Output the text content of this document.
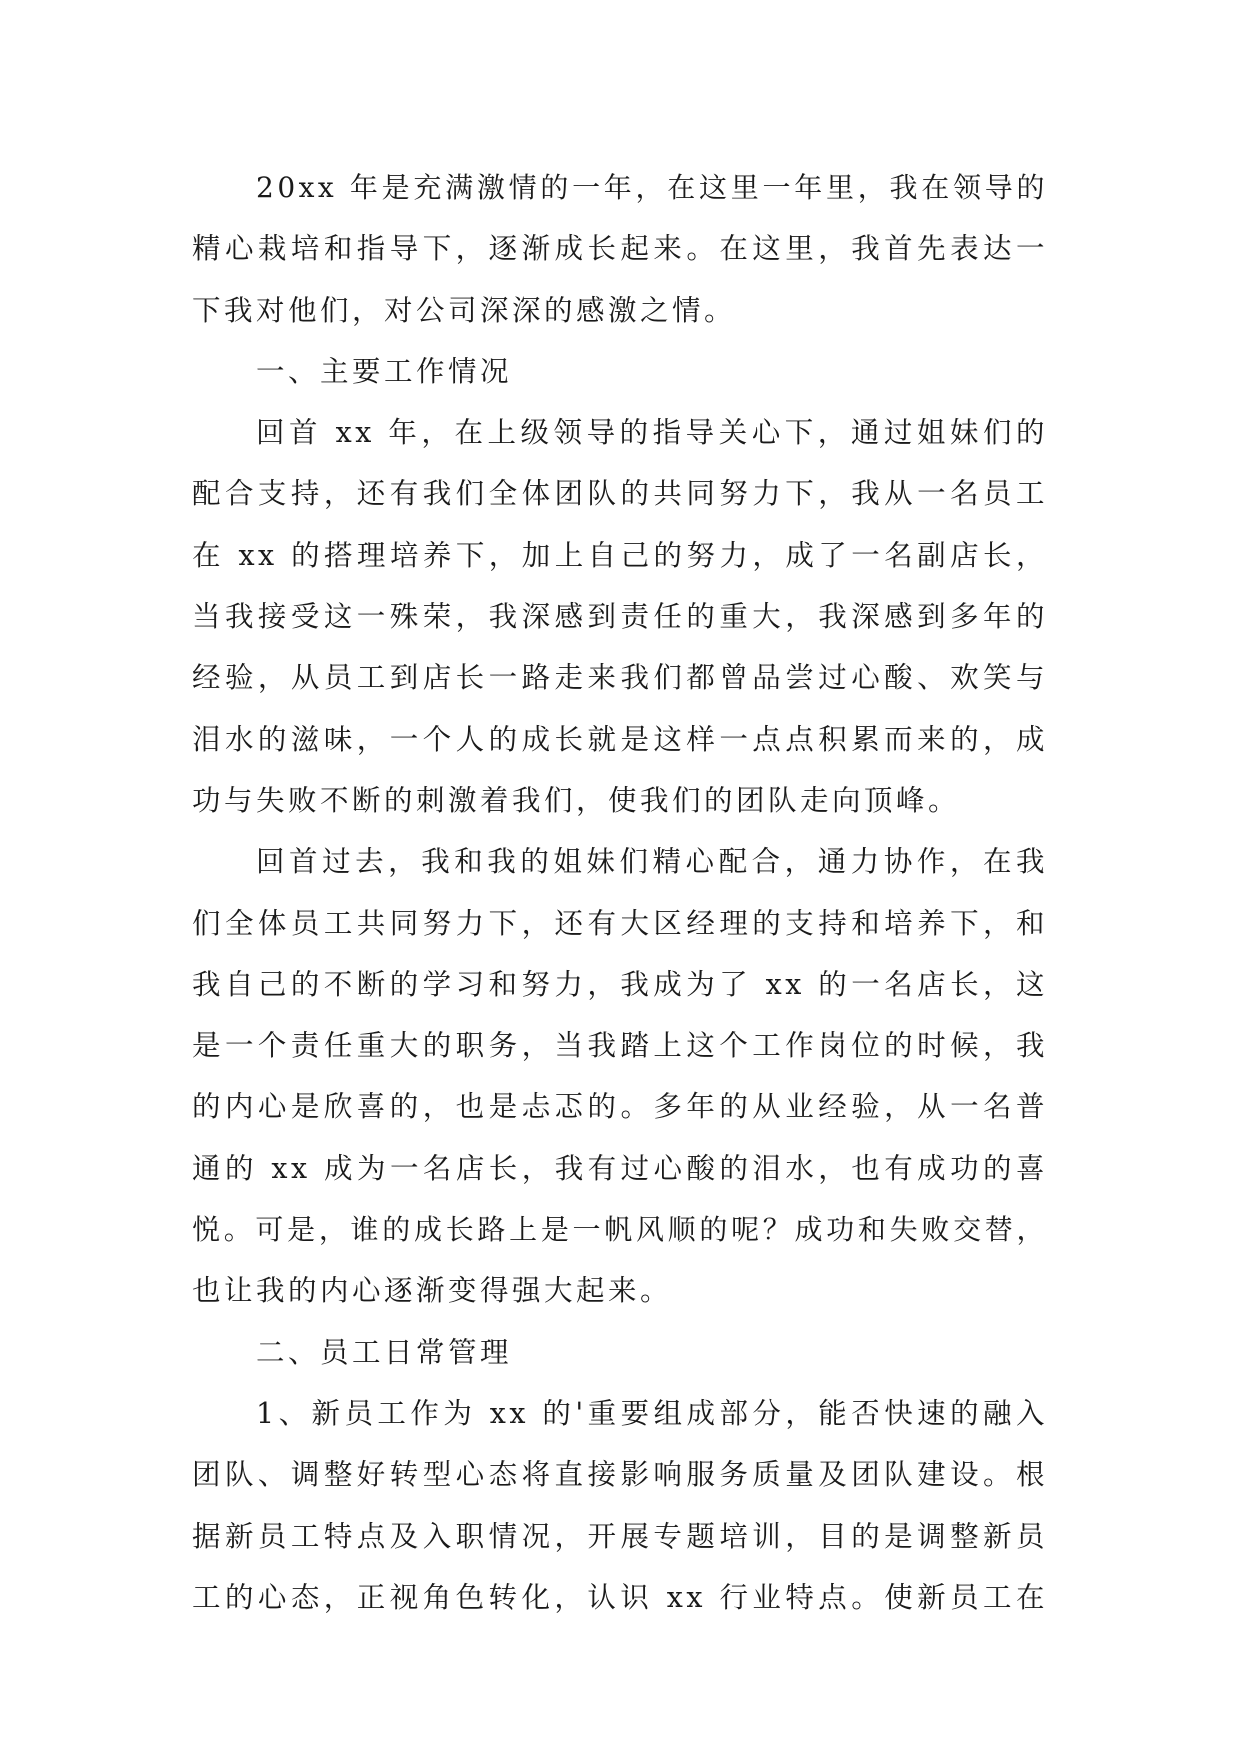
20xx 年是充满激情的一年，在这里一年里，我在领导的
精心栽培和指导下，逐渐成长起来。在这里，我首先表达一
下我对他们，对公司深深的感激之情。
一、主要工作情况
回首 xx 年，在上级领导的指导关心下，通过姐妹们的
配合支持，还有我们全体团队的共同努力下，我从一名员工
在 xx 的搭理培养下，加上自己的努力，成了一名副店长，
当我接受这一殊荣，我深感到责任的重大，我深感到多年的
经验，从员工到店长一路走来我们都曾品尝过心酸、欢笑与
泪水的滋味，一个人的成长就是这样一点点积累而来的，成
功与失败不断的刺激着我们，使我们的团队走向顶峰。
回首过去，我和我的姐妹们精心配合，通力协作，在我
们全体员工共同努力下，还有大区经理的支持和培养下，和
我自己的不断的学习和努力，我成为了 xx 的一名店长，这
是一个责任重大的职务，当我踏上这个工作岗位的时候，我
的内心是欣喜的，也是忐忑的。多年的从业经验，从一名普
通的 xx 成为一名店长，我有过心酸的泪水，也有成功的喜
悦。可是，谁的成长路上是一帆风顺的呢？成功和失败交替，
也让我的内心逐渐变得强大起来。
二、员工日常管理
1、新员工作为 xx 的'重要组成部分，能否快速的融入
团队、调整好转型心态将直接影响服务质量及团队建设。根
据新员工特点及入职情况，开展专题培训，目的是调整新员
工的心态，正视角色转化，认识 xx 行业特点。使新员工在
